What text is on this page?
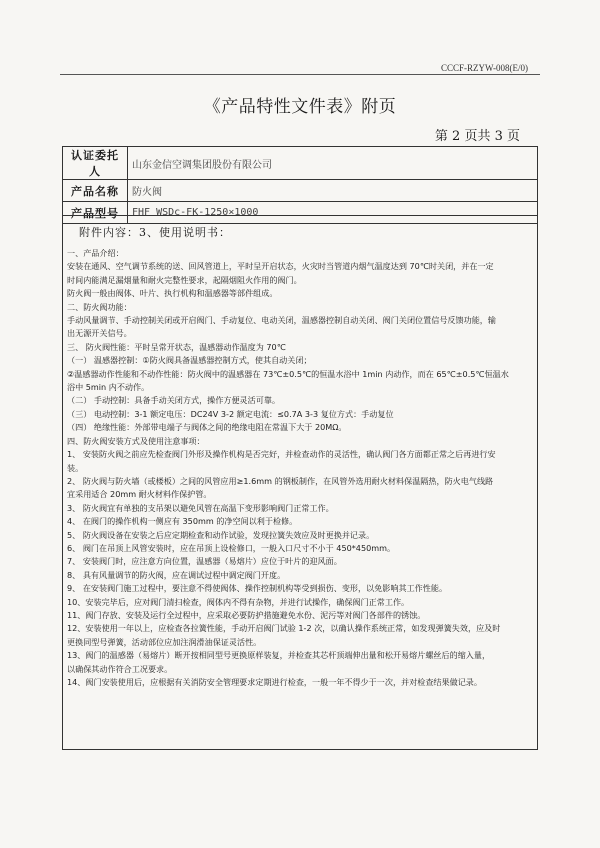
CCCF-RZYW-008(E/0)
《产品特性文件表》附页
第 2 页共 3 页
认证委托人	山东金信空调集团股份有限公司
产品名称	防火阀
产品型号	FHF WSDc-FK-1250×1000
附件内容：3、使用说明书：

一、产品介绍：

安装在通风、空气调节系统的送、回风管道上，平时呈开启状态，火灾时当管道内烟气温度达到 70℃时关闭，并在一定

时间内能满足漏烟量和耐火完整性要求，起隔烟阻火作用的阀门。

防火阀一般由阀体、叶片、执行机构和温感器等部件组成。

二、防火阀功能：

手动风量调节、手动控制关闭或开启阀门、手动复位、电动关闭，温感器控制自动关闭、阀门关闭位置信号反馈功能，输

出无源开关信号。

三、 防火阀性能：平时呈常开状态，温感器动作温度为 70℃

（一） 温感器控制：①防火阀具备温感器控制方式，使其自动关闭；

②温感器动作性能和不动作性能：防火阀中的温感器在 73℃±0.5℃的恒温水浴中 1min 内动作，而在 65℃±0.5℃恒温水

浴中 5min 内不动作。

（二） 手动控制：具备手动关闭方式，操作方便灵活可靠。

（三） 电动控制：3-1 额定电压：DC24V 3-2 额定电流：≤0.7A 3-3 复位方式：手动复位

（四） 绝缘性能：外部带电端子与阀体之间的绝缘电阻在常温下大于 20MΩ。

四、防火阀安装方式及使用注意事项：

1、 安装防火阀之前应先检查阀门外形及操作机构是否完好，并检查动作的灵活性，确认阀门各方面都正常之后再进行安

装。

2、 防火阀与防火墙（或楼板）之间的风管应用≥1.6mm 的钢板制作，在风管外选用耐火材料保温隔热，防火电气线路

宜采用适合 20mm 耐火材料作保护管。

3、 防火阀宜有单独的支吊架以避免风管在高温下变形影响阀门正常工作。

4、 在阀门的操作机构一侧应有 350mm 的净空间以利于检修。

5、 防火阀设备在安装之后应定期检查和动作试验，发现拉簧失效应及时更换并记录。

6、 阀门在吊顶上风管安装时，应在吊顶上设检修口，一般入口尺寸不小于 450*450mm。

7、 安装阀门时，应注意方向位置，温感器（易熔片）应位于叶片的迎风面。

8、 具有风量调节的防火阀，应在调试过程中调定阀门开度。

9、 在安装阀门施工过程中，要注意不得使阀体、操作控制机构等受到损伤、变形，以免影响其工作性能。

10、安装完毕后，应对阀门清扫检查，阀体内不得有杂物，并进行试操作，确保阀门正常工作。

11、阀门存放、安装及运行全过程中，应采取必要防护措施避免水份、泥污等对阀门各部件的锈蚀。

12、安装使用一年以上，应检查各拉簧性能，手动开启阀门试验 1-2 次，以确认操作系统正常，如发现弹簧失效，应及时

更换同型号弹簧，活动部位应加注润滑油保证灵活性。

13、阀门的温感器（易熔片）断开按相同型号更换原样装复，并检查其芯杆顶端伸出量和松开易熔片螺丝后的缩入量，

以确保其动作符合工况要求。

14、阀门安装使用后，应根据有关消防安全管理要求定期进行检查，一般一年不得少于一次，并对检查结果做记录。
